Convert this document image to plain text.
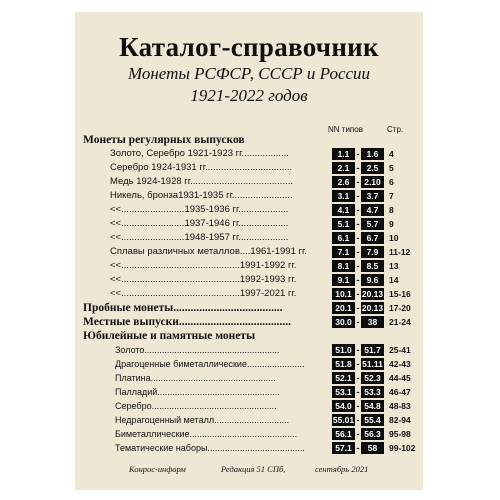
Каталог-справочник
Монеты РСФСР, СССР и России
1921-2022 годов
NN типов	Стр.
Монеты регулярных выпусков
Золото, Серебро 1921-1923 гг..................	1.1 - 1.6	4
Серебро 1924-1931 гг.................................	2.1 - 2.5	5
Медь 1924-1928 гг.......................................	2.6 - 2.10 6
Никель, бронза1931-1935 гг.......................	3.1 - 3.7	7
<<........................1935-1936 гг...................	4.1 - 4.7	8
<<........................1937-1946 гг...................	5.1 - 5.7	9
<<........................1948-1957 гг...................	6.1 - 6.7	10
Сплавы различных металлов....1961-1991 гг.	7.1 - 7.9	11-12
<<.............................................1991-1992 гг.	8.1 - 8.5	13
<<.............................................1992-1993 гг.	9.1 - 9.6	14
<<.............................................1997-2021 гг.	10.1 - 20.13 15-16
Пробные монеты......................................	20.1 - 20.13 17-20
Местные выпуски.......................................	30.0 - 38	21-24
Юбилейные и памятные монеты
Золото......................................................	51.0 - 51.7 25-41
Драгоценные биметаллические.......................	51.8 - 51.11 42-43
Платина..................................................	52.1 - 52.3 44-45
Палладий.................................................	53.1 - 53.3 46-47
Серебро..................................................	54.0 - 54.8 48-83
Недрагоценный металл..............................	55.01 - 55.4 82-94
Биметаллические...........................................	56.1 - 56.3 95-98
Тематические наборы.......................................	57.1 - 58	99-102
Конрос-информ	Редакция 51 СПб,	сентябрь 2021
